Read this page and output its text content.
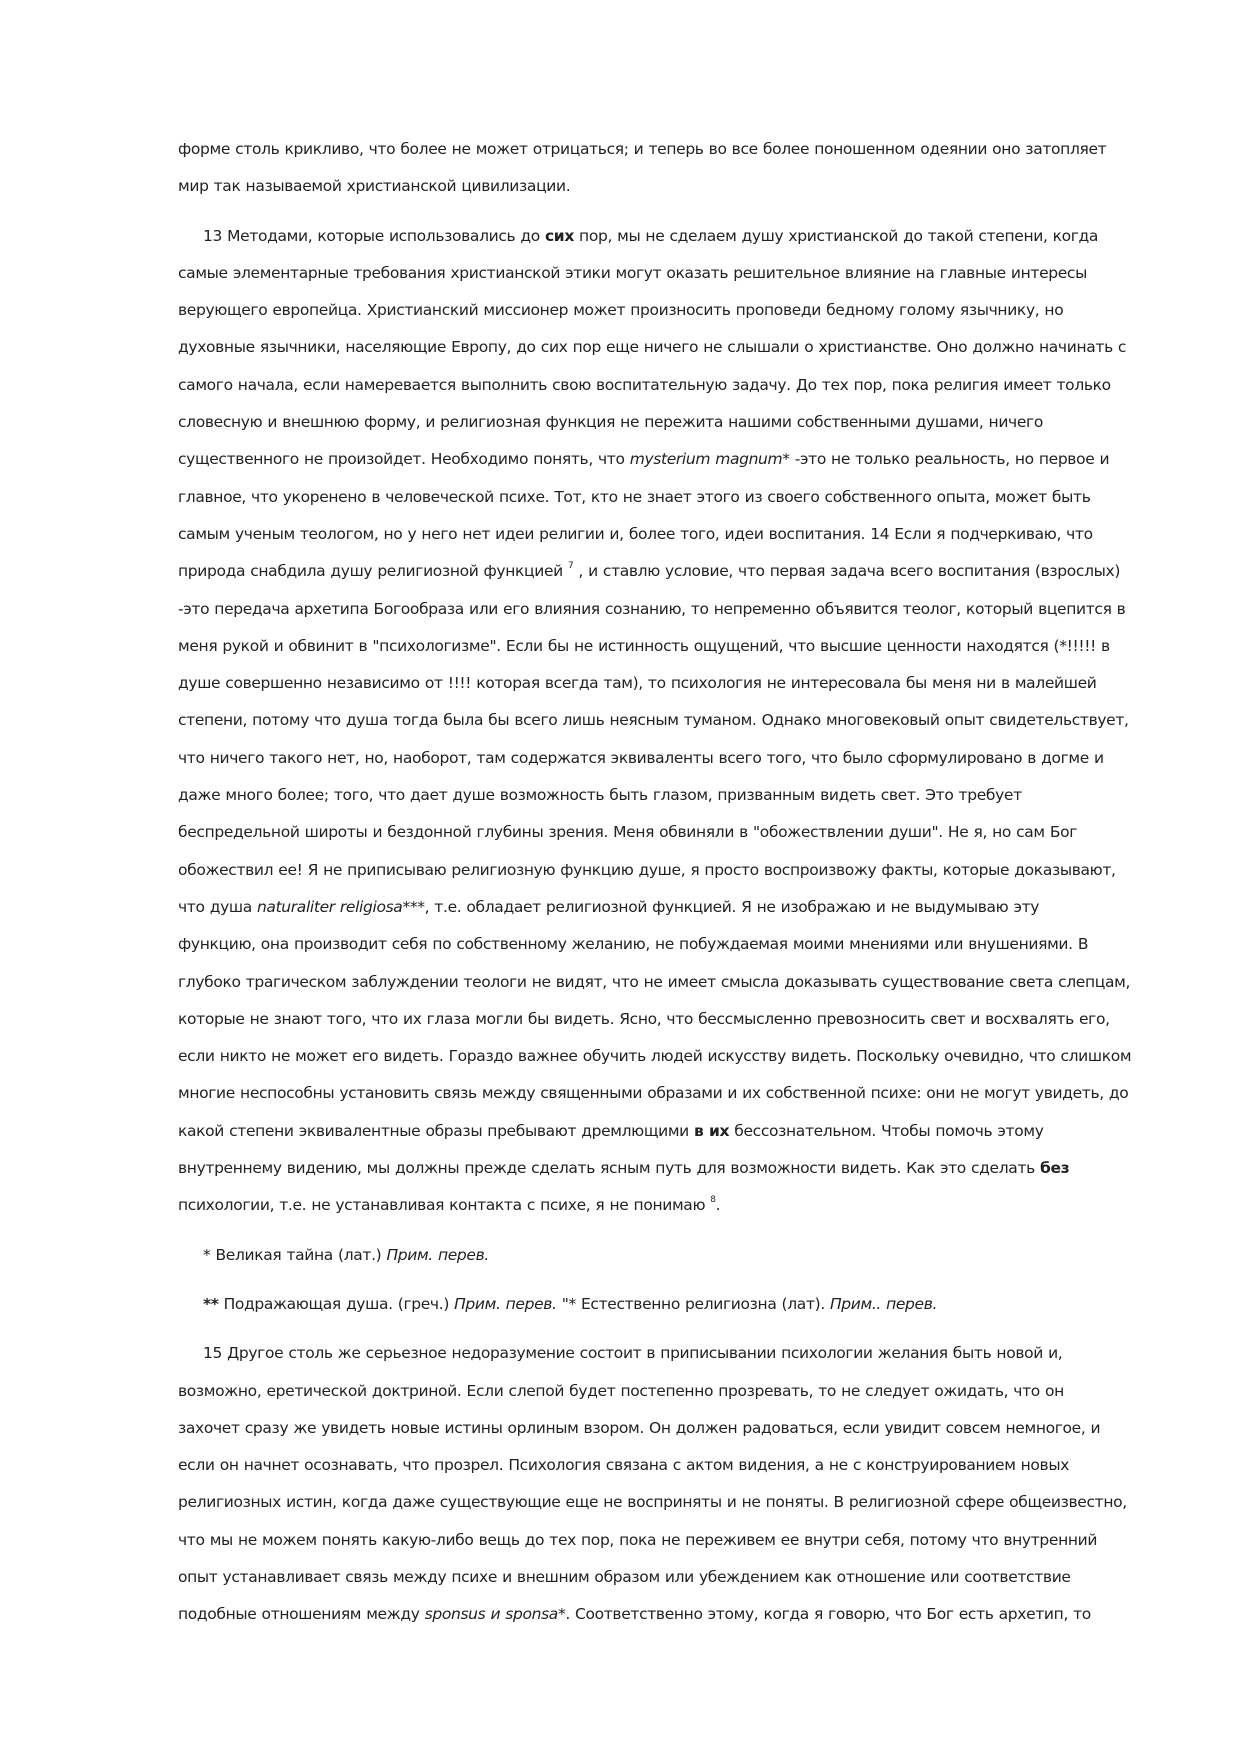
форме столь крикливо, что более не может отрицаться; и теперь во все более поношенном одеянии оно затопляет
мир так называемой христианской цивилизации.
13 Методами, которые использовались до сих пор, мы не сделаем душу христианской до такой степени, когда
самые элементарные требования христианской этики могут оказать решительное влияние на главные интересы
верующего европейца. Христианский миссионер может произносить проповеди бедному голому язычнику, но
духовные язычники, населяющие Европу, до сих пор еще ничего не слышали о христианстве. Оно должно начинать с
самого начала, если намеревается выполнить свою воспитательную задачу. До тех пор, пока религия имеет только
словесную и внешнюю форму, и религиозная функция не пережита нашими собственными душами, ничего
существенного не произойдет. Необходимо понять, что mysterium magnum* -это не только реальность, но первое и
главное, что укоренено в человеческой психе. Тот, кто не знает этого из своего собственного опыта, может быть
самым ученым теологом, но у него нет идеи религии и, более того, идеи воспитания. 14 Если я подчеркиваю, что
природа снабдила душу религиозной функцией $^7$ , и ставлю условие, что первая задача всего воспитания (взрослых)
-это передача архетипа Богообраза или его влияния сознанию, то непременно объявится теолог, который вцепится в
меня рукой и обвинит в "психологизме". Если бы не истинность ощущений, что высшие ценности находятся (*!!!!! в
душе совершенно независимо от !!!! которая всегда там), то психология не интересовала бы меня ни в малейшей
степени, потому что душа тогда была бы всего лишь неясным туманом. Однако многовековый опыт свидетельствует,
что ничего такого нет, но, наоборот, там содержатся эквиваленты всего того, что было сформулировано в догме и
даже много более; того, что дает душе возможность быть глазом, призванным видеть свет. Это требует
беспредельной широты и бездонной глубины зрения. Меня обвиняли в "обожествлении души". Не я, но сам Бог
обожествил ее! Я не приписываю религиозную функцию душе, я просто воспроизвожу факты, которые доказывают,
что душа naturaliter religiosa***, т.е. обладает религиозной функцией. Я не изображаю и не выдумываю эту
функцию, она производит себя по собственному желанию, не побуждаемая моими мнениями или внушениями. В
глубоко трагическом заблуждении теологи не видят, что не имеет смысла доказывать существование света слепцам,
которые не знают того, что их глаза могли бы видеть. Ясно, что бессмысленно превозносить свет и восхвалять его,
если никто не может его видеть. Гораздо важнее обучить людей искусству видеть. Поскольку очевидно, что слишком
многие неспособны установить связь между священными образами и их собственной психе: они не могут увидеть, до
какой степени эквивалентные образы пребывают дремлющими в их бессознательном. Чтобы помочь этому
внутреннему видению, мы должны прежде сделать ясным путь для возможности видеть. Как это сделать без
психологии, т.е. не устанавливая контакта с психе, я не понимаю $^8$.
* Великая тайна (лат.) Прим. перев.
** Подражающая душа. (греч.) Прим. перев. "* Естественно религиозна (лат). Прим.. перев.
15 Другое столь же серьезное недоразумение состоит в приписывании психологии желания быть новой и,
возможно, еретической доктриной. Если слепой будет постепенно прозревать, то не следует ожидать, что он
захочет сразу же увидеть новые истины орлиным взором. Он должен радоваться, если увидит совсем немногое, и
если он начнет осознавать, что прозрел. Психология связана с актом видения, а не с конструированием новых
религиозных истин, когда даже существующие еще не восприняты и не поняты. В религиозной сфере общеизвестно,
что мы не можем понять какую-либо вещь до тех пор, пока не переживем ее внутри себя, потому что внутренний
опыт устанавливает связь между психе и внешним образом или убеждением как отношение или соответствие
подобные отношениям между sponsus и sponsa*. Соответственно этому, когда я говорю, что Бог есть архетип, то
